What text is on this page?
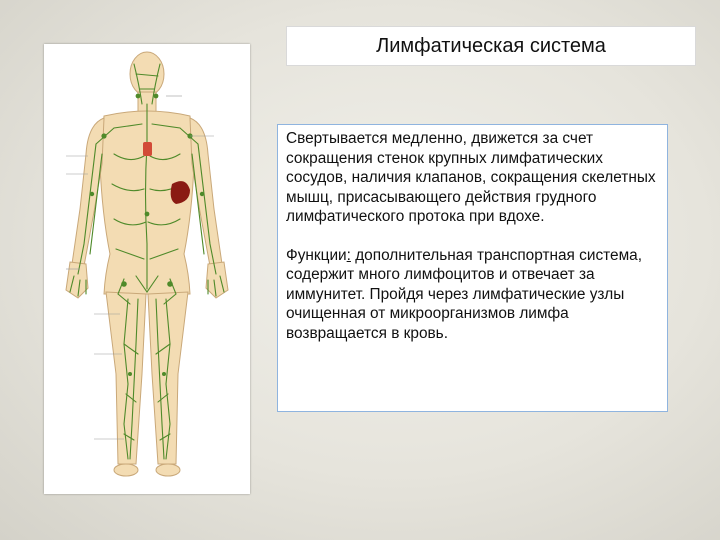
Лимфатическая система

Свертывается медленно, движется за счет сокращения стенок крупных лимфатических сосудов, наличия клапанов, сокращения скелетных мышц, присасывающего действия грудного лимфатического протока при вдохе.

Функции: дополнительная транспортная система, содержит много лимфоцитов и отвечает за иммунитет. Пройдя через лимфатические узлы очищенная от микроорганизмов лимфа возвращается в кровь.
